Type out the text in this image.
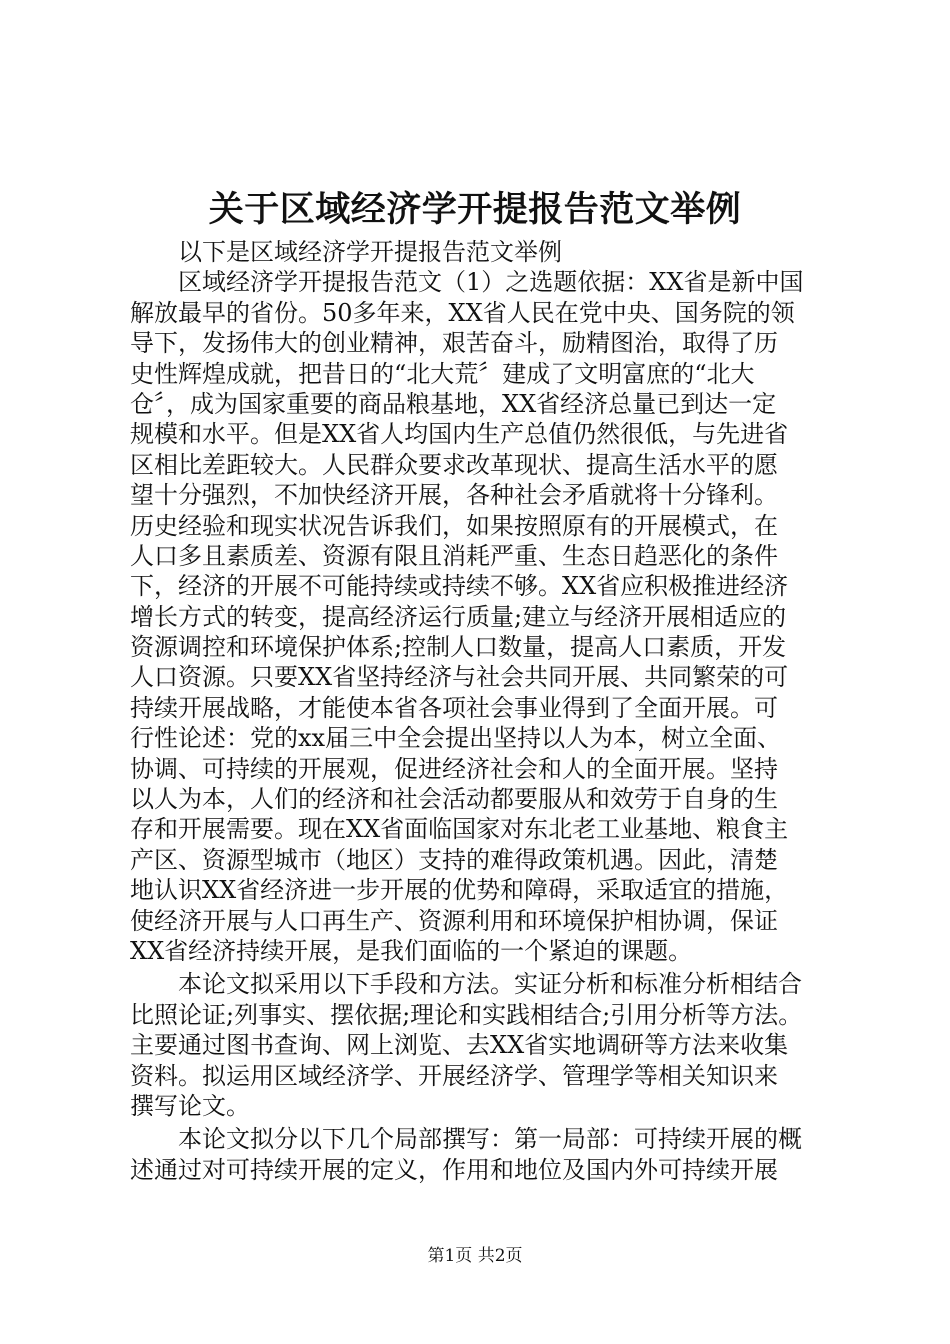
关于区域经济学开提报告范文举例
　　以下是区域经济学开提报告范文举例
　　区域经济学开提报告范文（1）之选题依据：XX省是新中国
解放最早的省份。50多年来，XX省人民在党中央、国务院的领
导下，发扬伟大的创业精神，艰苦奋斗，励精图治，取得了历
史性辉煌成就，把昔日的“北大荒〞建成了文明富庶的“北大
仓〞，成为国家重要的商品粮基地，XX省经济总量已到达一定
规模和水平。但是XX省人均国内生产总值仍然很低，与先进省
区相比差距较大。人民群众要求改革现状、提高生活水平的愿
望十分强烈，不加快经济开展，各种社会矛盾就将十分锋利。
历史经验和现实状况告诉我们，如果按照原有的开展模式，在
人口多且素质差、资源有限且消耗严重、生态日趋恶化的条件
下，经济的开展不可能持续或持续不够。XX省应积极推进经济
增长方式的转变，提高经济运行质量;建立与经济开展相适应的
资源调控和环境保护体系;控制人口数量，提高人口素质，开发
人口资源。只要XX省坚持经济与社会共同开展、共同繁荣的可
持续开展战略，才能使本省各项社会事业得到了全面开展。可
行性论述：党的xx届三中全会提出坚持以人为本，树立全面、
协调、可持续的开展观，促进经济社会和人的全面开展。坚持
以人为本，人们的经济和社会活动都要服从和效劳于自身的生
存和开展需要。现在XX省面临国家对东北老工业基地、粮食主
产区、资源型城市（地区）支持的难得政策机遇。因此，清楚
地认识XX省经济进一步开展的优势和障碍，采取适宜的措施，
使经济开展与人口再生产、资源利用和环境保护相协调，保证
XX省经济持续开展，是我们面临的一个紧迫的课题。
　　本论文拟采用以下手段和方法。实证分析和标准分析相结合
比照论证;列事实、摆依据;理论和实践相结合;引用分析等方法。
主要通过图书查询、网上浏览、去XX省实地调研等方法来收集
资料。拟运用区域经济学、开展经济学、管理学等相关知识来
撰写论文。
　　本论文拟分以下几个局部撰写：第一局部：可持续开展的概
述通过对可持续开展的定义，作用和地位及国内外可持续开展
第1页 共2页
